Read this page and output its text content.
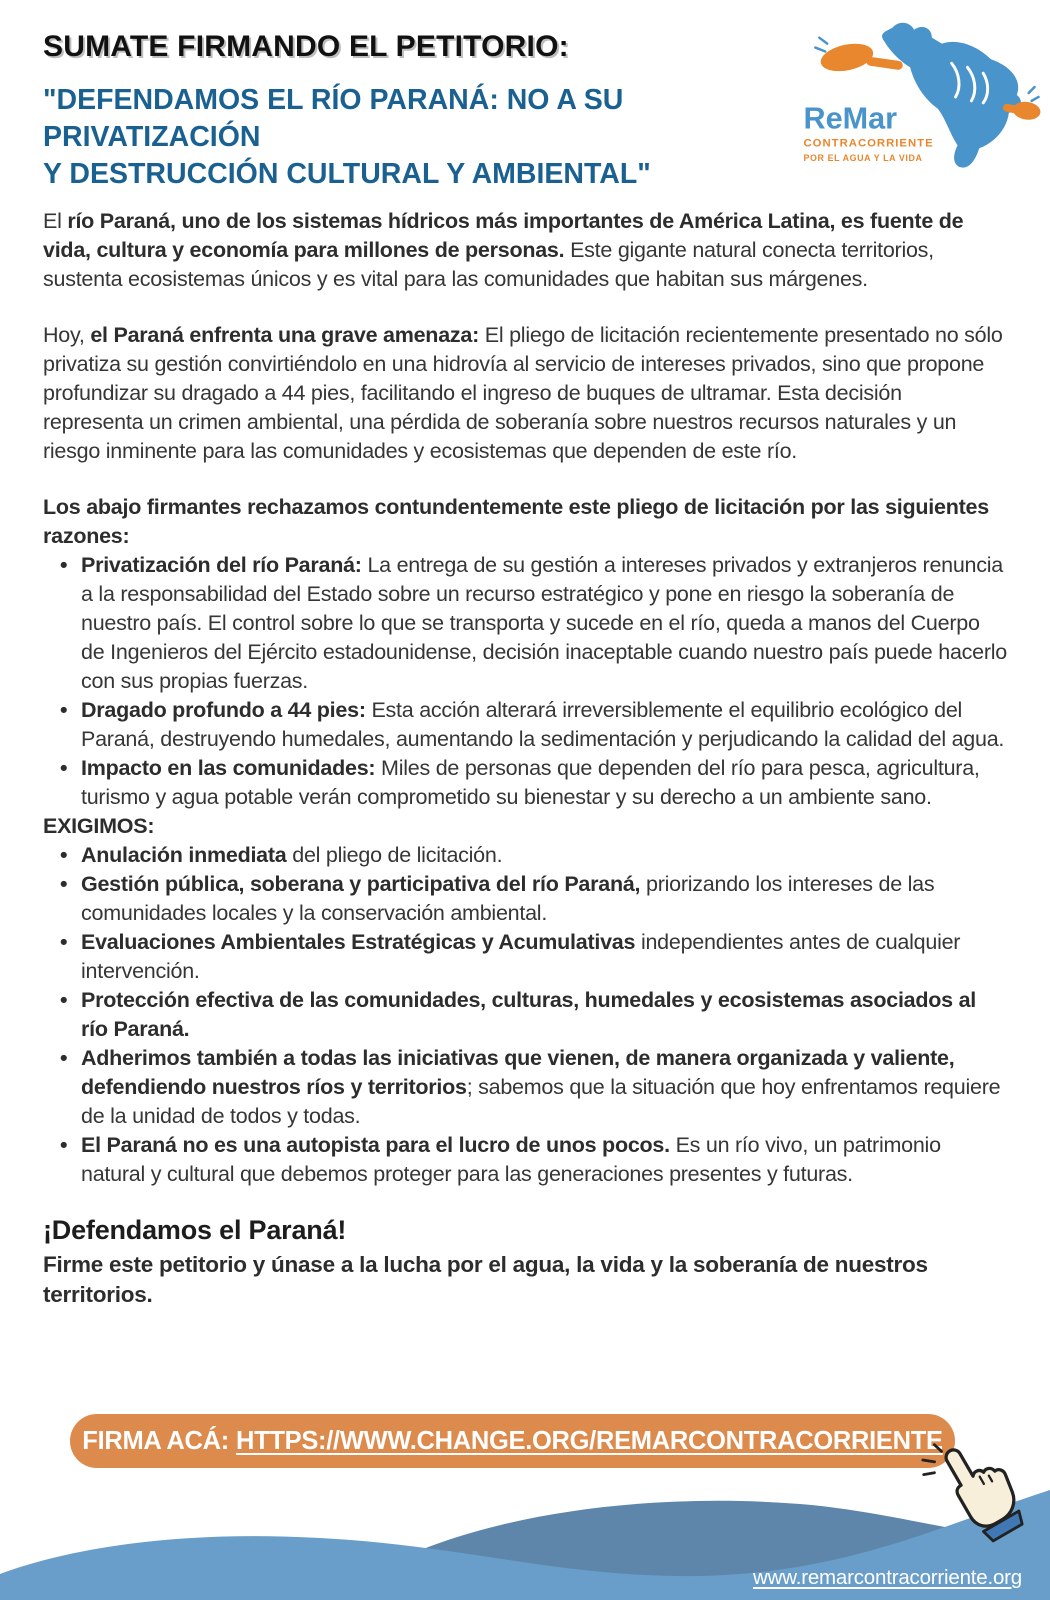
ReMar
CONTRACORRIENTE
POR EL AGUA Y LA VIDA
SUMATE FIRMANDO EL PETITORIO:
"DEFENDAMOS EL RÍO PARANÁ: NO A SU PRIVATIZACIÓN
Y DESTRUCCIÓN CULTURAL Y AMBIENTAL"

El río Paraná, uno de los sistemas hídricos más importantes de América Latina, es fuente de vida, cultura y economía para millones de personas. Este gigante natural conecta territorios, sustenta ecosistemas únicos y es vital para las comunidades que habitan sus márgenes.

Hoy, el Paraná enfrenta una grave amenaza: El pliego de licitación recientemente presentado no sólo privatiza su gestión convirtiéndolo en una hidrovía al servicio de intereses privados, sino que propone profundizar su dragado a 44 pies, facilitando el ingreso de buques de ultramar. Esta decisión representa un crimen ambiental, una pérdida de soberanía sobre nuestros recursos naturales y un riesgo inminente para las comunidades y ecosistemas que dependen de este río.

Los abajo firmantes rechazamos contundentemente este pliego de licitación por las siguientes razones:
• Privatización del río Paraná: La entrega de su gestión a intereses privados y extranjeros renuncia a la responsabilidad del Estado sobre un recurso estratégico y pone en riesgo la soberanía de nuestro país. El control sobre lo que se transporta y sucede en el río, queda a manos del Cuerpo de Ingenieros del Ejército estadounidense, decisión inaceptable cuando nuestro país puede hacerlo con sus propias fuerzas.
• Dragado profundo a 44 pies: Esta acción alterará irreversiblemente el equilibrio ecológico del Paraná, destruyendo humedales, aumentando la sedimentación y perjudicando la calidad del agua.
• Impacto en las comunidades: Miles de personas que dependen del río para pesca, agricultura, turismo y agua potable verán comprometido su bienestar y su derecho a un ambiente sano.
EXIGIMOS:
• Anulación inmediata del pliego de licitación.
• Gestión pública, soberana y participativa del río Paraná, priorizando los intereses de las comunidades locales y la conservación ambiental.
• Evaluaciones Ambientales Estratégicas y Acumulativas independientes antes de cualquier intervención.
• Protección efectiva de las comunidades, culturas, humedales y ecosistemas asociados al río Paraná.
• Adherimos también a todas las iniciativas que vienen, de manera organizada y valiente, defendiendo nuestros ríos y territorios; sabemos que la situación que hoy enfrentamos requiere de la unidad de todos y todas.
• El Paraná no es una autopista para el lucro de unos pocos. Es un río vivo, un patrimonio natural y cultural que debemos proteger para las generaciones presentes y futuras.
¡Defendamos el Paraná!

Firme este petitorio y únase a la lucha por el agua, la vida y la soberanía de nuestros territorios.

FIRMA ACÁ: HTTPS://WWW.CHANGE.ORG/REMARCONTRACORRIENTE
www.remarcontracorriente.org
